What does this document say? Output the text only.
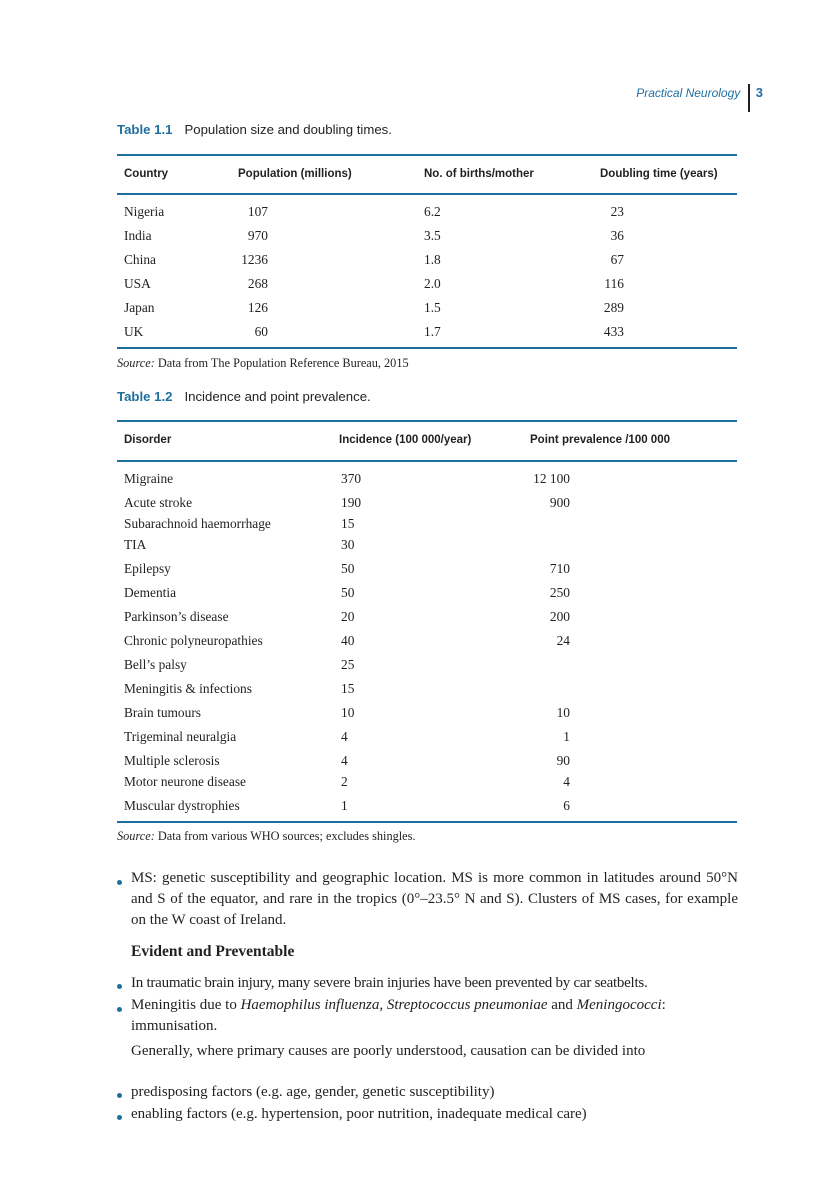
Practical Neurology 3
Table 1.1 Population size and doubling times.
Country	Population (millions)	No. of births/mother	Doubling time (years)
Nigeria	107	6.2	23
India	970	3.5	36
China	1236	1.8	67
USA	268	2.0	116
Japan	126	1.5	289
UK	60	1.7	433
Source: Data from The Population Reference Bureau, 2015
Table 1.2 Incidence and point prevalence.
Disorder	Incidence (100 000/year)	Point prevalence /100 000
Migraine	370	12 100
Acute stroke	190	900
Subarachnoid haemorrhage	15
TIA	30
Epilepsy	50	710
Dementia	50	250
Parkinson’s disease	20	200
Chronic polyneuropathies	40	24
Bell’s palsy	25
Meningitis & infections	15
Brain tumours	10	10
Trigeminal neuralgia	4	1
Multiple sclerosis	4	90
Motor neurone disease	2	4
Muscular dystrophies	1	6
Source: Data from various WHO sources; excludes shingles.
MS: genetic susceptibility and geographic location. MS is more common in latitudes around 50°N and S of the equator, and rare in the tropics (0°–23.5° N and S). Clusters of MS cases, for example on the W coast of Ireland.
Evident and Preventable
In traumatic brain injury, many severe brain injuries have been prevented by car seatbelts.
Meningitis due to Haemophilus influenza, Streptococcus pneumoniae and Meningococci: immunisation.
Generally, where primary causes are poorly understood, causation can be divided into
predisposing factors (e.g. age, gender, genetic susceptibility)
enabling factors (e.g. hypertension, poor nutrition, inadequate medical care)
